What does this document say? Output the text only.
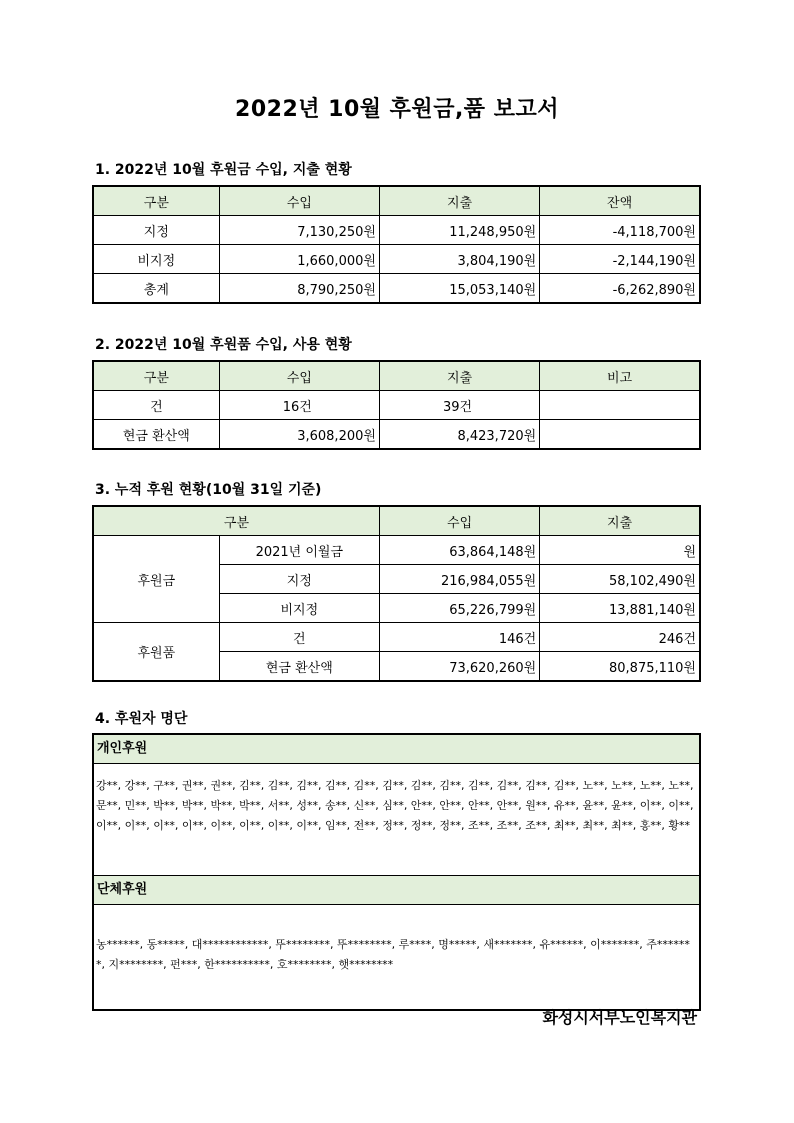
2022년 10월 후원금,품 보고서
1. 2022년 10월 후원금 수입, 지출 현황
구분	수입	지출	잔액
지정	7,130,250원	11,248,950원	-4,118,700원
비지정	1,660,000원	3,804,190원	-2,144,190원
총계	8,790,250원	15,053,140원	-6,262,890원
2. 2022년 10월 후원품 수입, 사용 현황
구분	수입	지출	비고
건	16건	39건	
현금 환산액	3,608,200원	8,423,720원	
3. 누적 후원 현황(10월 31일 기준)
구분		수입	지출
후원금	2021년 이월금	63,864,148원	원
	지정	216,984,055원	58,102,490원
	비지정	65,226,799원	13,881,140원
후원품	건	146건	246건
	현금 환산액	73,620,260원	80,875,110원
4. 후원자 명단
개인후원
강**, 강**, 구**, 권**, 권**, 김**, 김**, 김**, 김**, 김**, 김**, 김**, 김**, 김**, 김**, 김**, 김**, 노**, 노**, 노**, 노**, 문**, 민**, 박**, 박**, 박**, 박**, 서**, 성**, 송**, 신**, 심**, 안**, 안**, 안**, 안**, 원**, 유**, 윤**, 윤**, 이**, 이**, 이**, 이**, 이**, 이**, 이**, 이**, 이**, 이**, 임**, 전**, 정**, 정**, 정**, 조**, 조**, 조**, 최**, 최**, 최**, 홍**, 황**
단체후원
농******, 동*****, 대************, 뚜********, 뚜********, 루****, 명*****, 새*******, 유******, 이*******, 주*******, 지********, 펀***, 한**********, 호********, 햇********
화성시서부노인복지관
